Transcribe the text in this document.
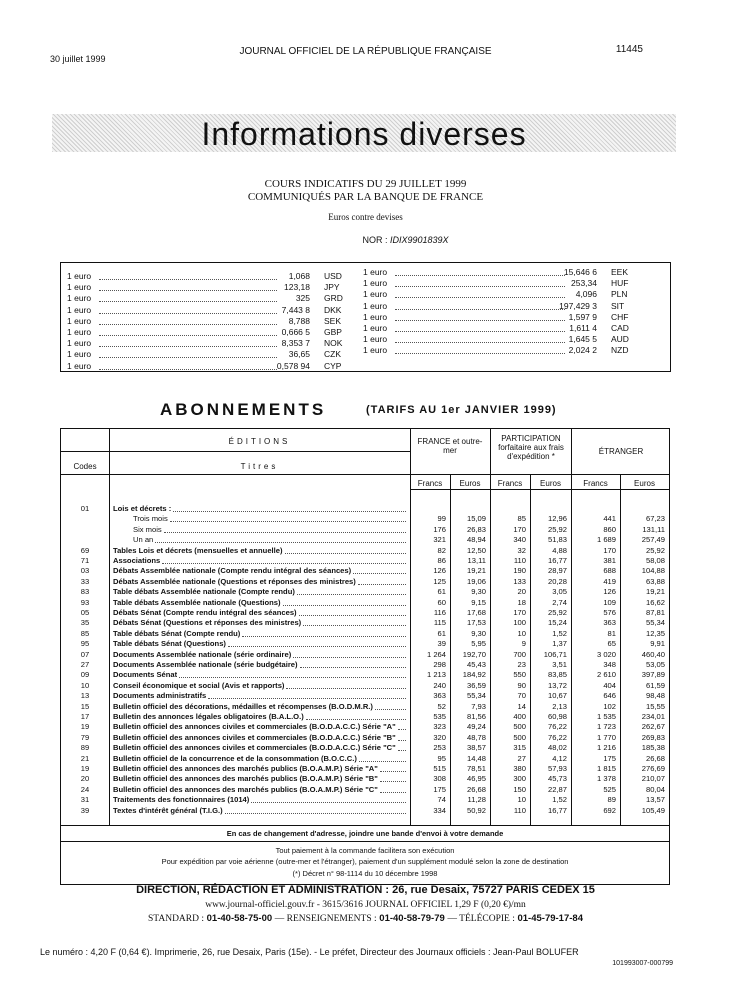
30 juillet 1999
JOURNAL OFFICIEL DE LA RÉPUBLIQUE FRANÇAISE	11445
Informations diverses
COURS INDICATIFS DU 29 JUILLET 1999
COMMUNIQUÉS PAR LA BANQUE DE FRANCE
Euros contre devises
NOR : IDIX9901839X
1 euro	1,068 USD
1 euro	123,18 JPY
1 euro	325 GRD
1 euro	7,443 8 DKK
1 euro	8,788 SEK
1 euro	0,666 5 GBP
1 euro	8,353 7 NOK
1 euro	36,65 CZK
1 euro	0,578 94 CYP
1 euro	15,646 6 EEK
1 euro	253,34 HUF
1 euro	4,096 PLN
1 euro	197,429 3 SIT
1 euro	1,597 9 CHF
1 euro	1,611 4 CAD
1 euro	1,645 5 AUD
1 euro	2,024 2 NZD
ABONNEMENTS	(TARIFS AU 1er JANVIER 1999)
ÉDITIONS
Codes	Titres
FRANCE et outre-mer
PARTICIPATION forfaitaire aux frais d'expédition *
ÉTRANGER
Francs	Euros	Francs	Euros	Francs	Euros
01	Lois et décrets :
Trois mois	99	15,09	85	12,96	441	67,23
Six mois	176	26,83	170	25,92	860	131,11
Un an	321	48,94	340	51,83	1 689	257,49
69	Tables Lois et décrets (mensuelles et annuelle)	82	12,50	32	4,88	170	25,92
71	Associations	86	13,11	110	16,77	381	58,08
03	Débats Assemblée nationale (Compte rendu intégral des séances)	126	19,21	190	28,97	688	104,88
33	Débats Assemblée nationale (Questions et réponses des ministres)	125	19,06	133	20,28	419	63,88
83	Table débats Assemblée nationale (Compte rendu)	61	9,30	20	3,05	126	19,21
93	Table débats Assemblée nationale (Questions)	60	9,15	18	2,74	109	16,62
05	Débats Sénat (Compte rendu intégral des séances)	116	17,68	170	25,92	576	87,81
35	Débats Sénat (Questions et réponses des ministres)	115	17,53	100	15,24	363	55,34
85	Table débats Sénat (Compte rendu)	61	9,30	10	1,52	81	12,35
95	Table débats Sénat (Questions)	39	5,95	9	1,37	65	9,91
07	Documents Assemblée nationale (série ordinaire)	1 264	192,70	700	106,71	3 020	460,40
27	Documents Assemblée nationale (série budgétaire)	298	45,43	23	3,51	348	53,05
09	Documents Sénat	1 213	184,92	550	83,85	2 610	397,89
10	Conseil économique et social (Avis et rapports)	240	36,59	90	13,72	404	61,59
13	Documents administratifs	363	55,34	70	10,67	646	98,48
15	Bulletin officiel des décorations, médailles et récompenses (B.O.D.M.R.)	52	7,93	14	2,13	102	15,55
17	Bulletin des annonces légales obligatoires (B.A.L.O.)	535	81,56	400	60,98	1 535	234,01
19	Bulletin officiel des annonces civiles et commerciales (B.O.D.A.C.C.) Série "A"	323	49,24	500	76,22	1 723	262,67
79	Bulletin officiel des annonces civiles et commerciales (B.O.D.A.C.C.) Série "B"	320	48,78	500	76,22	1 770	269,83
89	Bulletin officiel des annonces civiles et commerciales (B.O.D.A.C.C.) Série "C"	253	38,57	315	48,02	1 216	185,38
21	Bulletin officiel de la concurrence et de la consommation (B.O.C.C.)	95	14,48	27	4,12	175	26,68
19	Bulletin officiel des annonces des marchés publics (B.O.A.M.P.) Série "A"	515	78,51	380	57,93	1 815	276,69
20	Bulletin officiel des annonces des marchés publics (B.O.A.M.P.) Série "B"	308	46,95	300	45,73	1 378	210,07
24	Bulletin officiel des annonces des marchés publics (B.O.A.M.P.) Série "C"	175	26,68	150	22,87	525	80,04
31	Traitements des fonctionnaires (1014)	74	11,28	10	1,52	89	13,57
39	Textes d'intérêt général (T.I.G.)	334	50,92	110	16,77	692	105,49
En cas de changement d'adresse, joindre une bande d'envoi à votre demande
Tout paiement à la commande facilitera son exécution
Pour expédition par voie aérienne (outre-mer et l'étranger), paiement d'un supplément modulé selon la zone de destination
(*) Décret n° 98-1114 du 10 décembre 1998
DIRECTION, RÉDACTION ET ADMINISTRATION : 26, rue Desaix, 75727 PARIS CEDEX 15
www.journal-officiel.gouv.fr - 3615/3616 JOURNAL OFFICIEL 1,29 F (0,20 €)/mn
STANDARD : 01-40-58-75-00 — RENSEIGNEMENTS : 01-40-58-79-79 — TÉLÉCOPIE : 01-45-79-17-84
Le numéro : 4,20 F (0,64 €). Imprimerie, 26, rue Desaix, Paris (15e). - Le préfet, Directeur des Journaux officiels : Jean-Paul BOLUFER
101993007-000799
